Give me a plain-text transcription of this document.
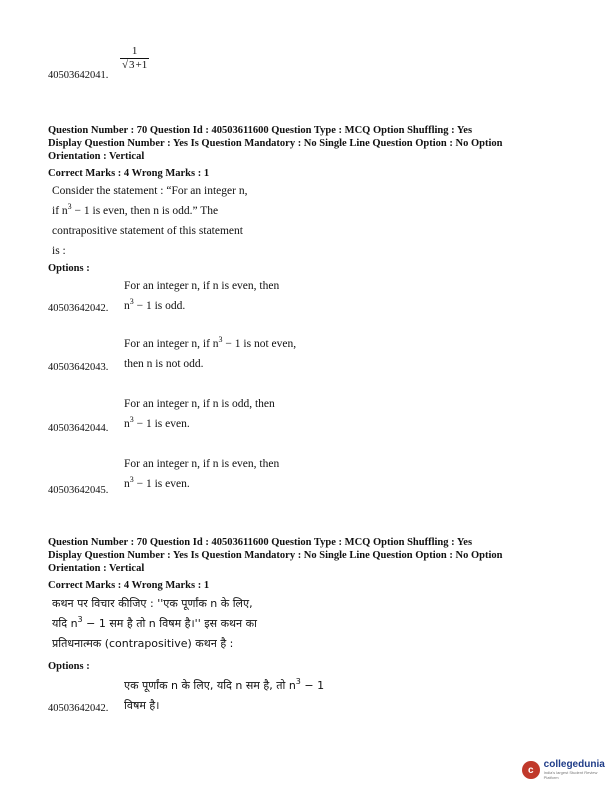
$\frac{1}{√3+1}$
40503642041.
Question Number : 70 Question Id : 40503611600 Question Type : MCQ Option Shuffling : Yes
Display Question Number : Yes Is Question Mandatory : No Single Line Question Option : No Option
Orientation : Vertical
Correct Marks : 4 Wrong Marks : 1
Consider the statement : “For an integer n,
if $n^3 - 1$ is even, then n is odd.” The
contrapositive statement of this statement
is :
Options :
For an integer n, if n is even, then
$n^3 - 1$ is odd.
40503642042.
For an integer n, if $n^3 - 1$ is not even,
then n is not odd.
40503642043.
For an integer n, if n is odd, then
$n^3 - 1$ is even.
40503642044.
For an integer n, if n is even, then
$n^3 - 1$ is even.
40503642045.
Question Number : 70 Question Id : 40503611600 Question Type : MCQ Option Shuffling : Yes
Display Question Number : Yes Is Question Mandatory : No Single Line Question Option : No Option
Orientation : Vertical
Correct Marks : 4 Wrong Marks : 1
कथन पर विचार कीजिए : ''एक पूर्णांक n के लिए,
यदि $n^3 - 1$ सम है तो n विषम है।'' इस कथन का
प्रतिधनात्मक (contrapositive) कथन है :
Options :
एक पूर्णांक n के लिए, यदि n सम है, तो $n^3 - 1$
विषम है।
40503642042.
c	collegedunia
India's largest Student Review Platform
